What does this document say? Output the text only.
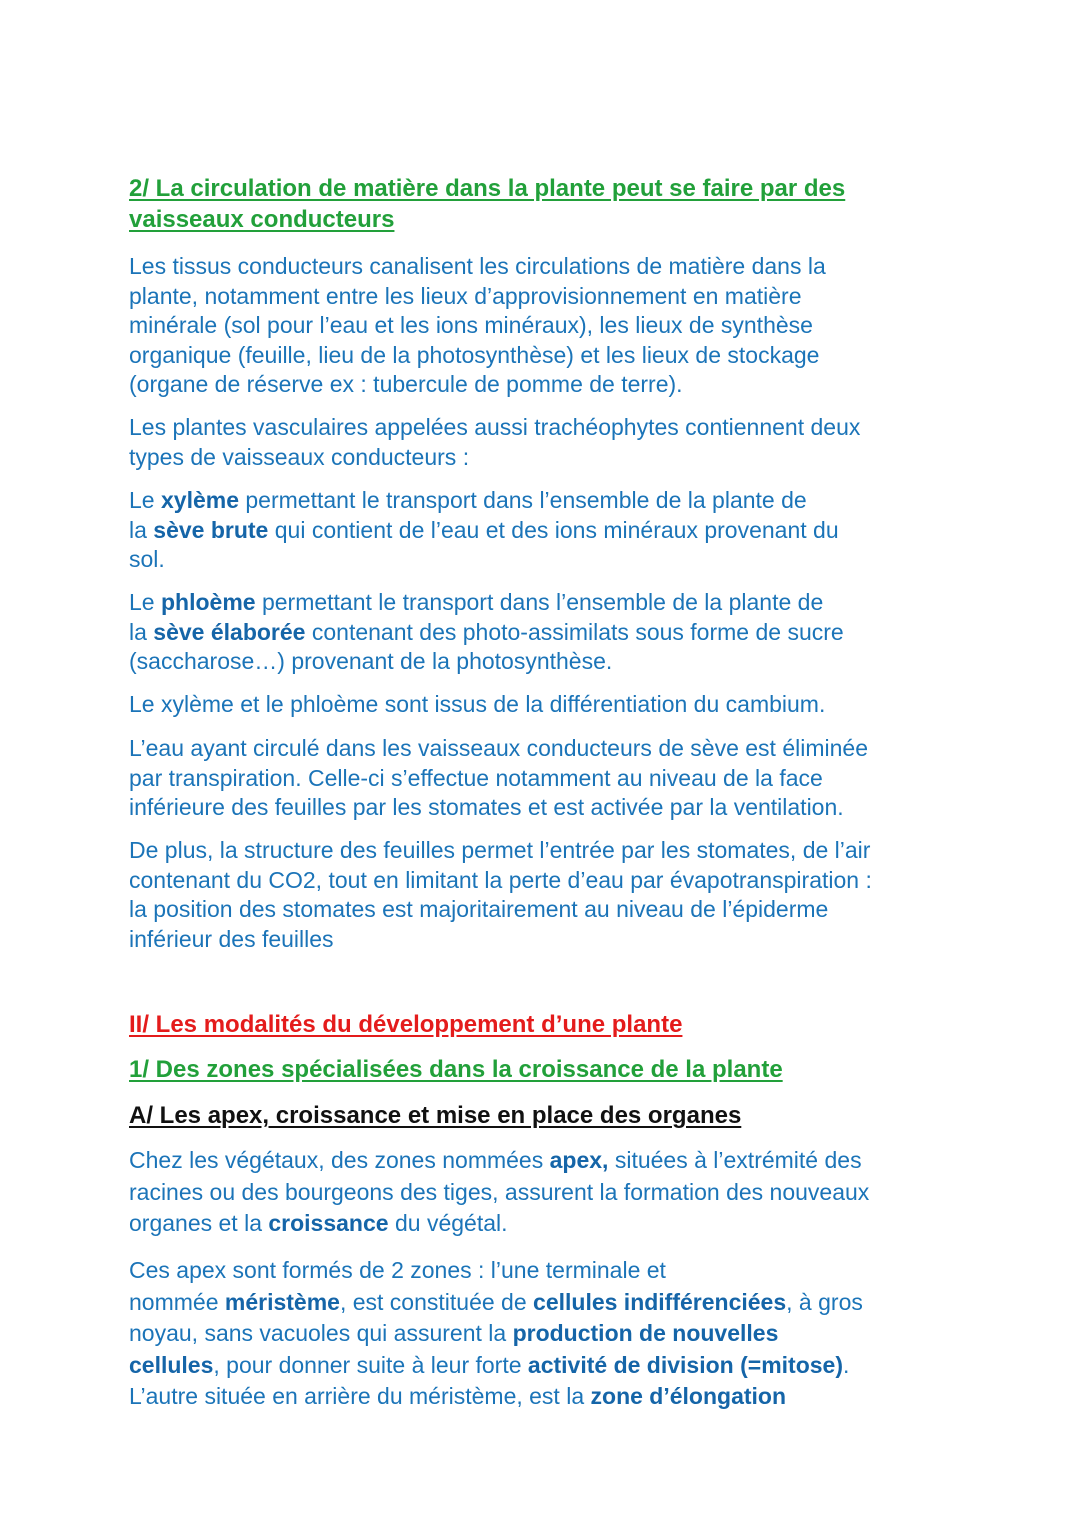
2/ La circulation de matière dans la plante peut se faire par des
vaisseaux conducteurs
Les tissus conducteurs canalisent les circulations de matière dans la
plante, notamment entre les lieux d’approvisionnement en matière
minérale (sol pour l’eau et les ions minéraux), les lieux de synthèse
organique (feuille, lieu de la photosynthèse) et les lieux de stockage
(organe de réserve ex : tubercule de pomme de terre).
Les plantes vasculaires appelées aussi trachéophytes contiennent deux
types de vaisseaux conducteurs :
Le xylème permettant le transport dans l’ensemble de la plante de
la sève brute qui contient de l’eau et des ions minéraux provenant du
sol.
Le phloème permettant le transport dans l’ensemble de la plante de
la sève élaborée contenant des photo-assimilats sous forme de sucre
(saccharose…) provenant de la photosynthèse.
Le xylème et le phloème sont issus de la différentiation du cambium.
L’eau ayant circulé dans les vaisseaux conducteurs de sève est éliminée
par transpiration. Celle-ci s’effectue notamment au niveau de la face
inférieure des feuilles par les stomates et est activée par la ventilation.
De plus, la structure des feuilles permet l’entrée par les stomates, de l’air
contenant du CO2, tout en limitant la perte d’eau par évapotranspiration :
la position des stomates est majoritairement au niveau de l’épiderme
inférieur des feuilles
II/ Les modalités du développement d’une plante
1/ Des zones spécialisées dans la croissance de la plante
A/ Les apex, croissance et mise en place des organes
Chez les végétaux, des zones nommées apex, situées à l’extrémité des
racines ou des bourgeons des tiges, assurent la formation des nouveaux
organes et la croissance du végétal.
Ces apex sont formés de 2 zones : l’une terminale et
nommée méristème, est constituée de cellules indifférenciées, à gros
noyau, sans vacuoles qui assurent la production de nouvelles
cellules, pour donner suite à leur forte activité de division (=mitose).
L’autre située en arrière du méristème, est la zone d’élongation
